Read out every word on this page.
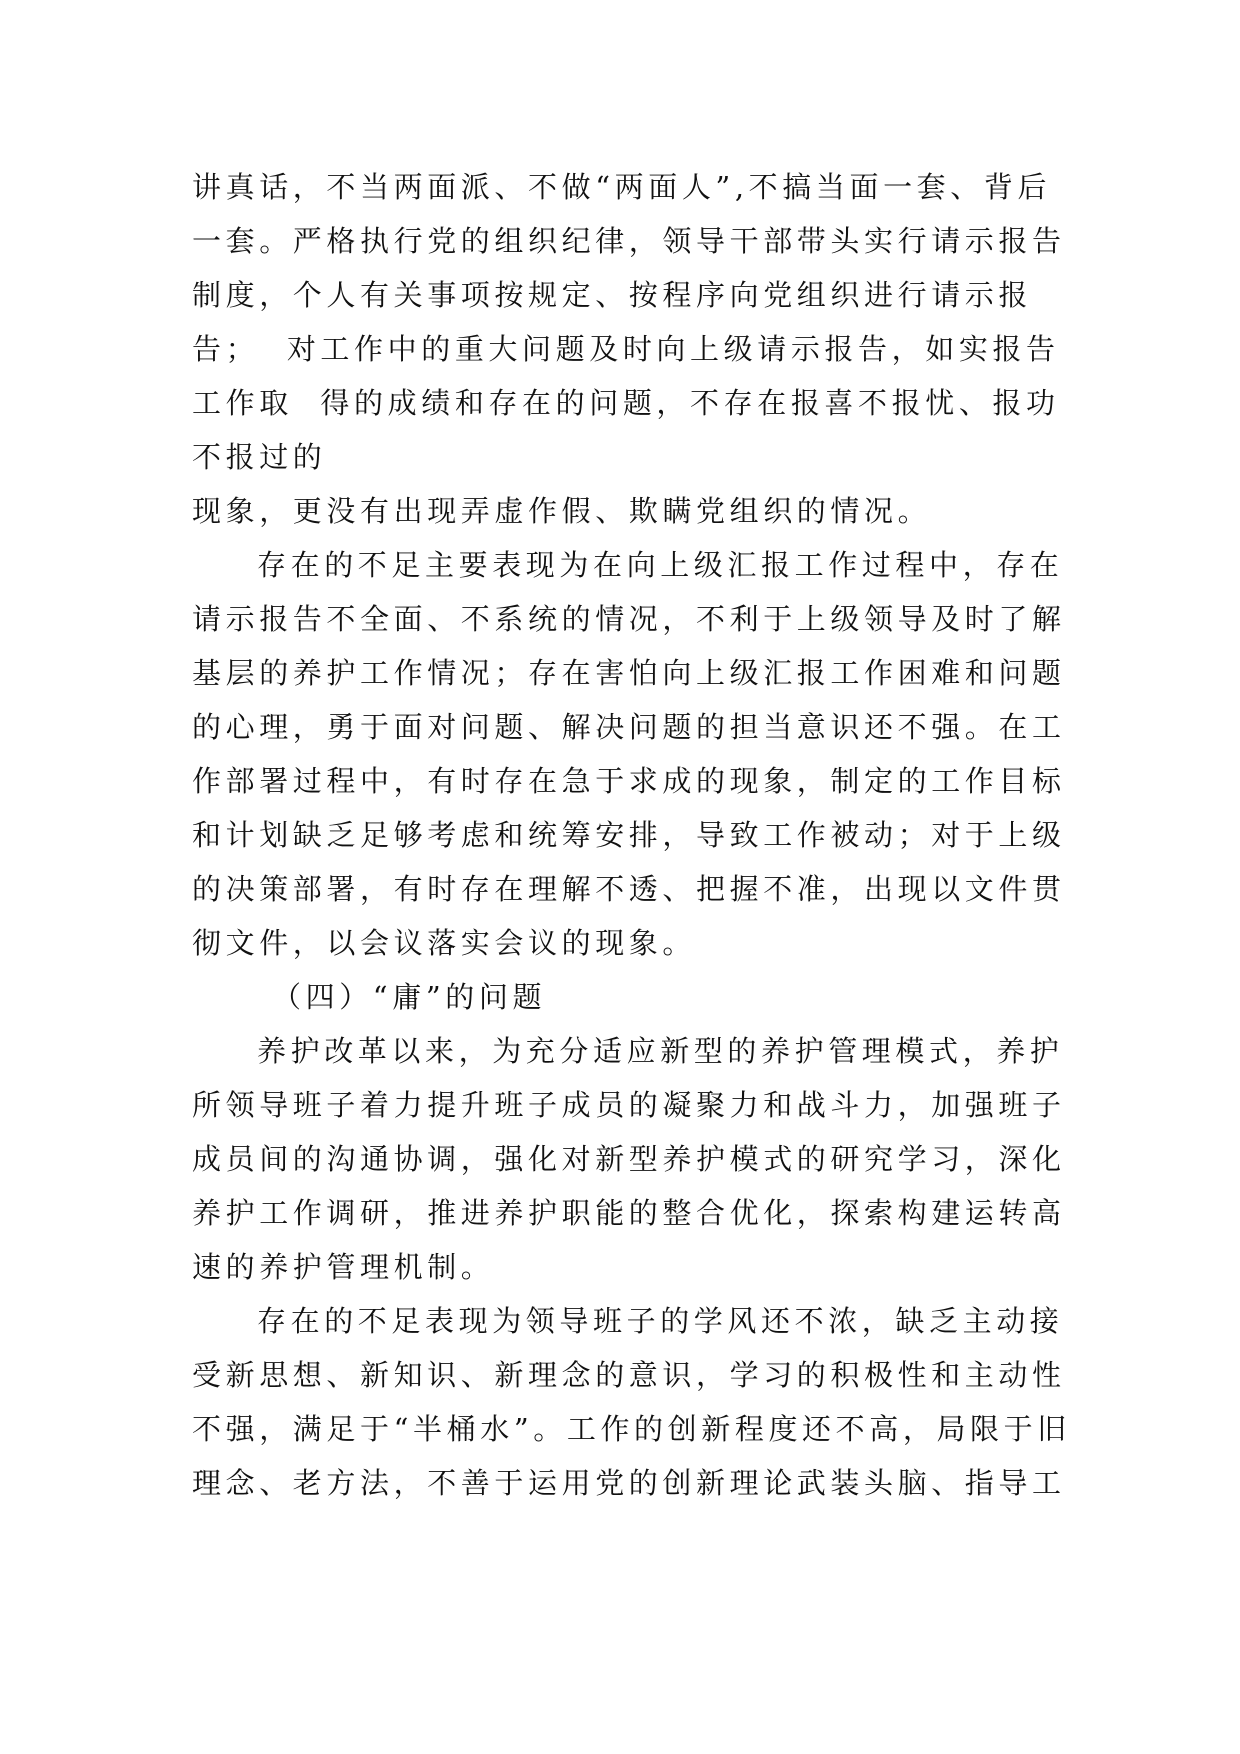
讲真话，不当两面派、不做“两面人”,不搞当面一套、背后
一套。严格执行党的组织纪律，领导干部带头实行请示报告
制度，个人有关事项按规定、按程序向党组织进行请示报
告；  对工作中的重大问题及时向上级请示报告，如实报告
工作取  得的成绩和存在的问题，不存在报喜不报忧、报功
不报过的
现象，更没有出现弄虚作假、欺瞒党组织的情况。
存在的不足主要表现为在向上级汇报工作过程中，存在
请示报告不全面、不系统的情况，不利于上级领导及时了解
基层的养护工作情况；存在害怕向上级汇报工作困难和问题
的心理，勇于面对问题、解决问题的担当意识还不强。在工
作部署过程中，有时存在急于求成的现象，制定的工作目标
和计划缺乏足够考虑和统筹安排，导致工作被动；对于上级
的决策部署，有时存在理解不透、把握不准，出现以文件贯
彻文件，以会议落实会议的现象。
（四）“庸”的问题
养护改革以来，为充分适应新型的养护管理模式，养护
所领导班子着力提升班子成员的凝聚力和战斗力，加强班子
成员间的沟通协调，强化对新型养护模式的研究学习，深化
养护工作调研，推进养护职能的整合优化，探索构建运转高
速的养护管理机制。
存在的不足表现为领导班子的学风还不浓，缺乏主动接
受新思想、新知识、新理念的意识，学习的积极性和主动性
不强，满足于“半桶水”。工作的创新程度还不高，局限于旧
理念、老方法，不善于运用党的创新理论武装头脑、指导工
